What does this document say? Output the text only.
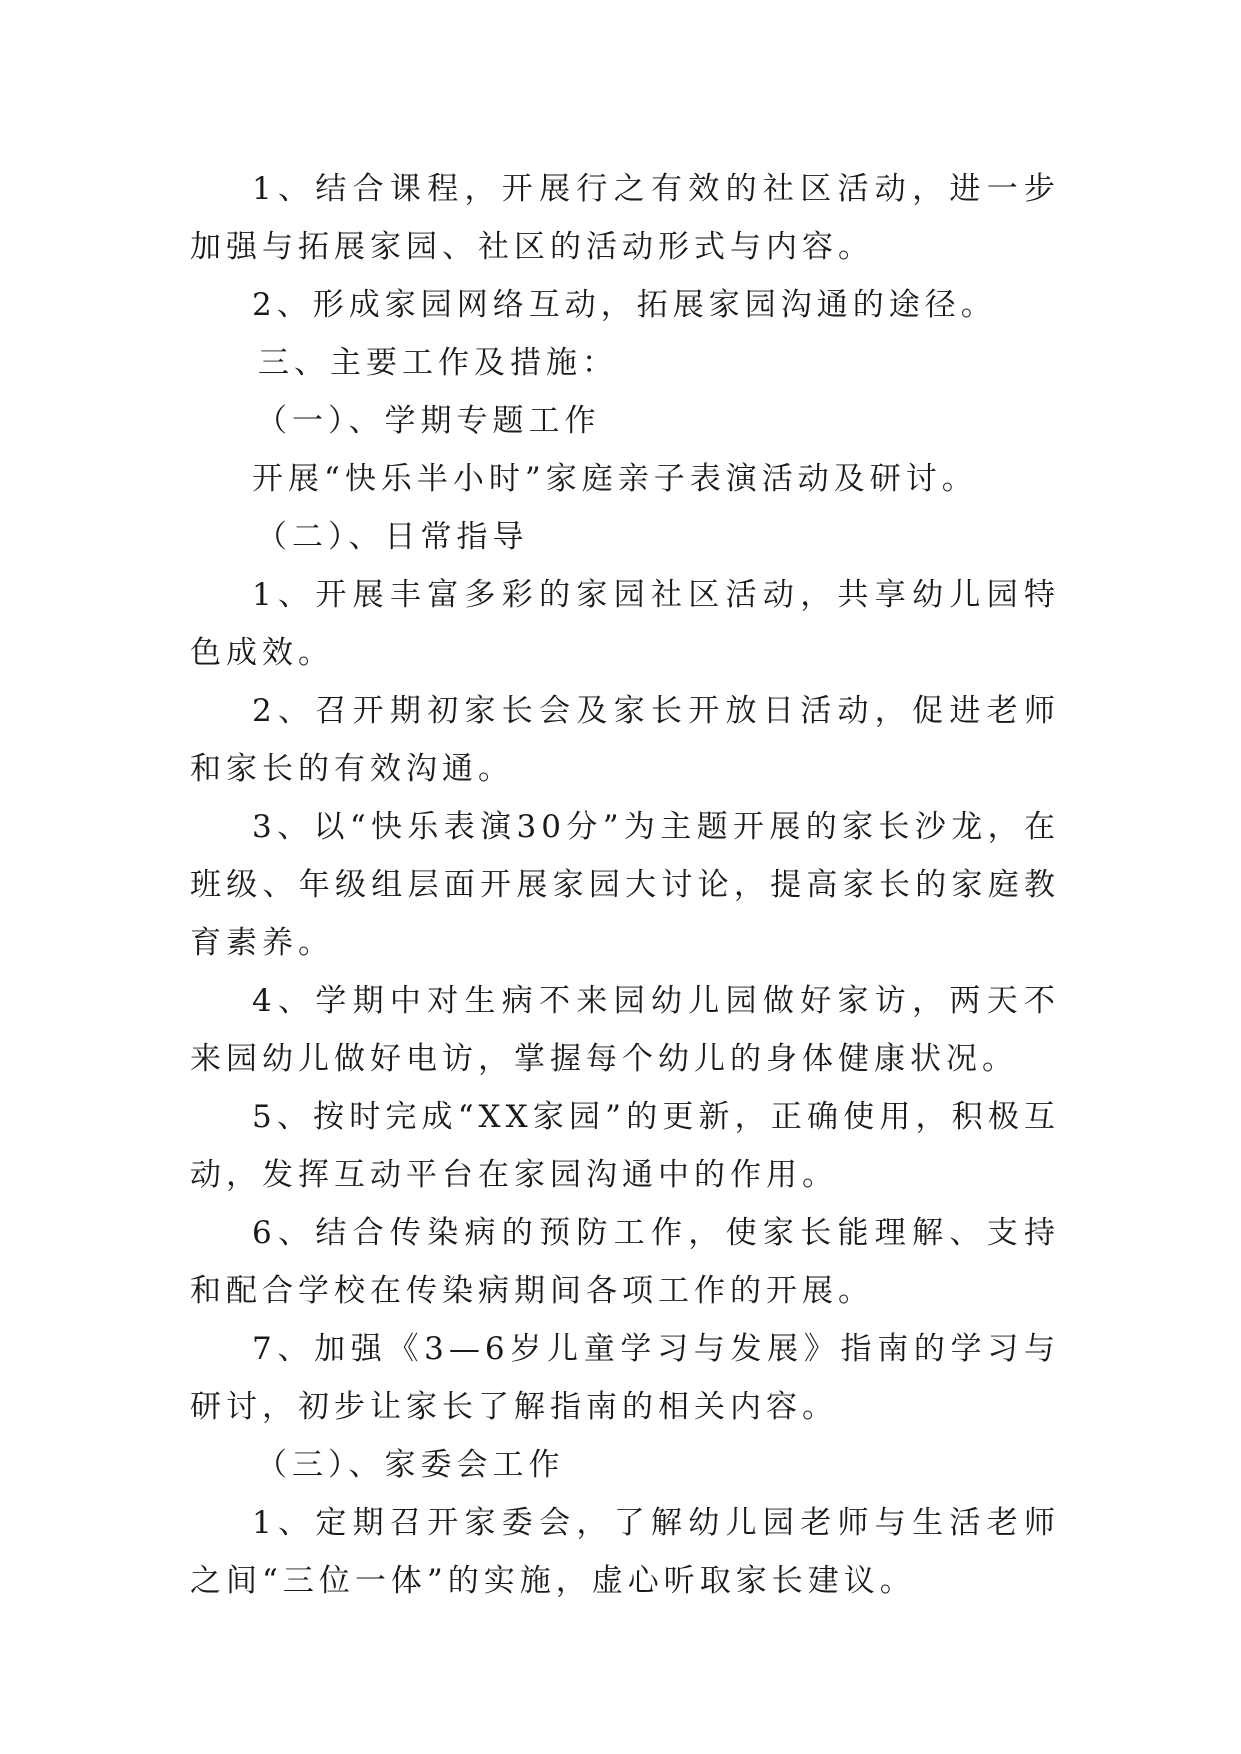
1、结合课程，开展行之有效的社区活动，进一步加强与拓展家园、社区的活动形式与内容。

2、形成家园网络互动，拓展家园沟通的途径。

三、主要工作及措施：

（一）、学期专题工作

开展“快乐半小时”家庭亲子表演活动及研讨。

（二）、日常指导

1、开展丰富多彩的家园社区活动，共享幼儿园特色成效。

2、召开期初家长会及家长开放日活动，促进老师和家长的有效沟通。

3、以“快乐表演30分”为主题开展的家长沙龙，在班级、年级组层面开展家园大讨论，提高家长的家庭教育素养。

4、学期中对生病不来园幼儿园做好家访，两天不来园幼儿做好电访，掌握每个幼儿的身体健康状况。

5、按时完成“XX家园”的更新，正确使用，积极互动，发挥互动平台在家园沟通中的作用。

6、结合传染病的预防工作，使家长能理解、支持和配合学校在传染病期间各项工作的开展。

7、加强《3—6岁儿童学习与发展》指南的学习与研讨，初步让家长了解指南的相关内容。

（三）、家委会工作

1、定期召开家委会，了解幼儿园老师与生活老师之间“三位一体”的实施，虚心听取家长建议。
